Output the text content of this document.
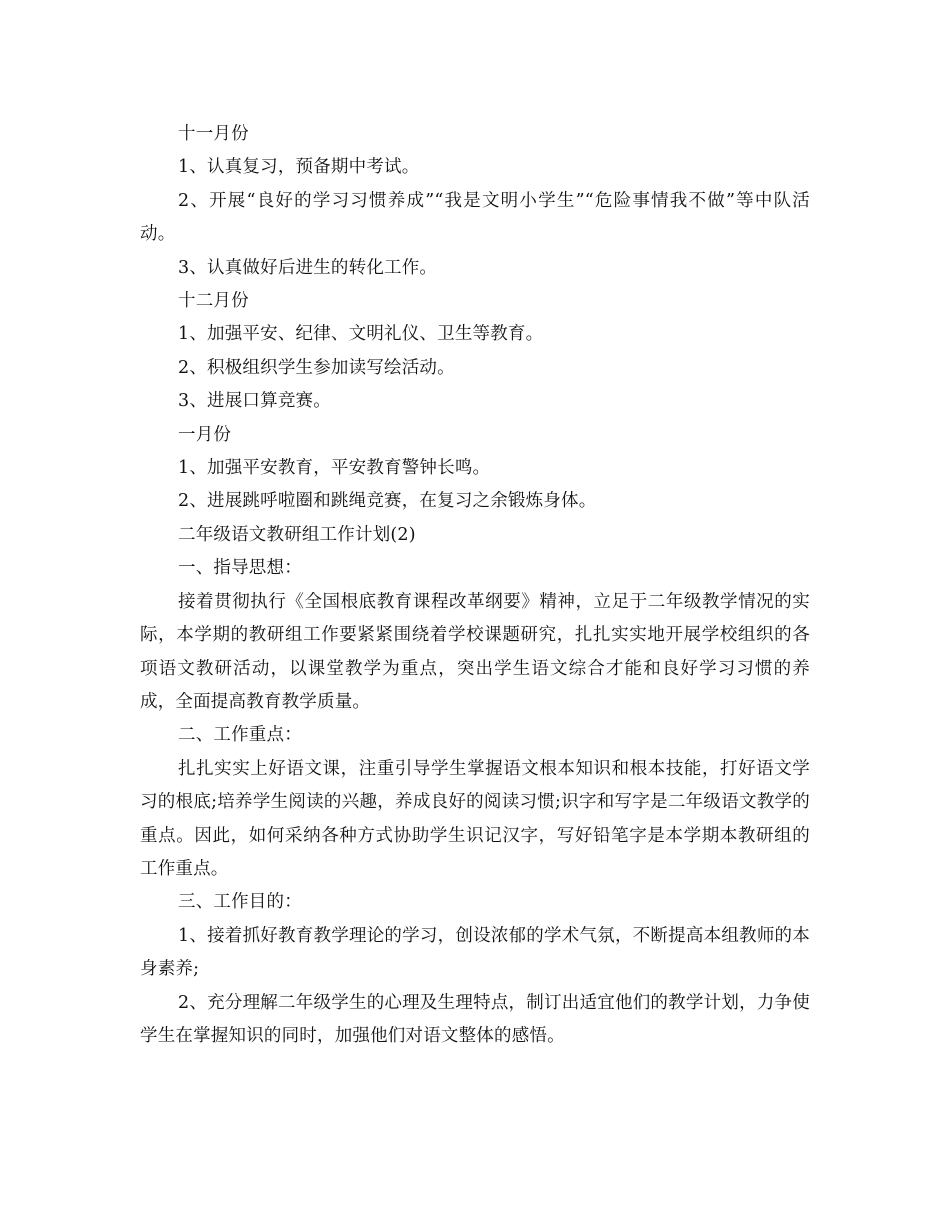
十一月份

1、认真复习，预备期中考试。

2、开展“良好的学习习惯养成”“我是文明小学生”“危险事情我不做”等中队活动。

3、认真做好后进生的转化工作。

十二月份

1、加强平安、纪律、文明礼仪、卫生等教育。

2、积极组织学生参加读写绘活动。

3、进展口算竞赛。

一月份

1、加强平安教育，平安教育警钟长鸣。

2、进展跳呼啦圈和跳绳竞赛，在复习之余锻炼身体。

二年级语文教研组工作计划(2)

一、指导思想：

接着贯彻执行《全国根底教育课程改革纲要》精神，立足于二年级教学情况的实际，本学期的教研组工作要紧紧围绕着学校课题研究，扎扎实实地开展学校组织的各项语文教研活动，以课堂教学为重点，突出学生语文综合才能和良好学习习惯的养成，全面提高教育教学质量。

二、工作重点：

扎扎实实上好语文课，注重引导学生掌握语文根本知识和根本技能，打好语文学习的根底;培养学生阅读的兴趣，养成良好的阅读习惯;识字和写字是二年级语文教学的重点。因此，如何采纳各种方式协助学生识记汉字，写好铅笔字是本学期本教研组的工作重点。

三、工作目的：

1、接着抓好教育教学理论的学习，创设浓郁的学术气氛，不断提高本组教师的本身素养;

2、充分理解二年级学生的心理及生理特点，制订出适宜他们的教学计划，力争使学生在掌握知识的同时，加强他们对语文整体的感悟。
